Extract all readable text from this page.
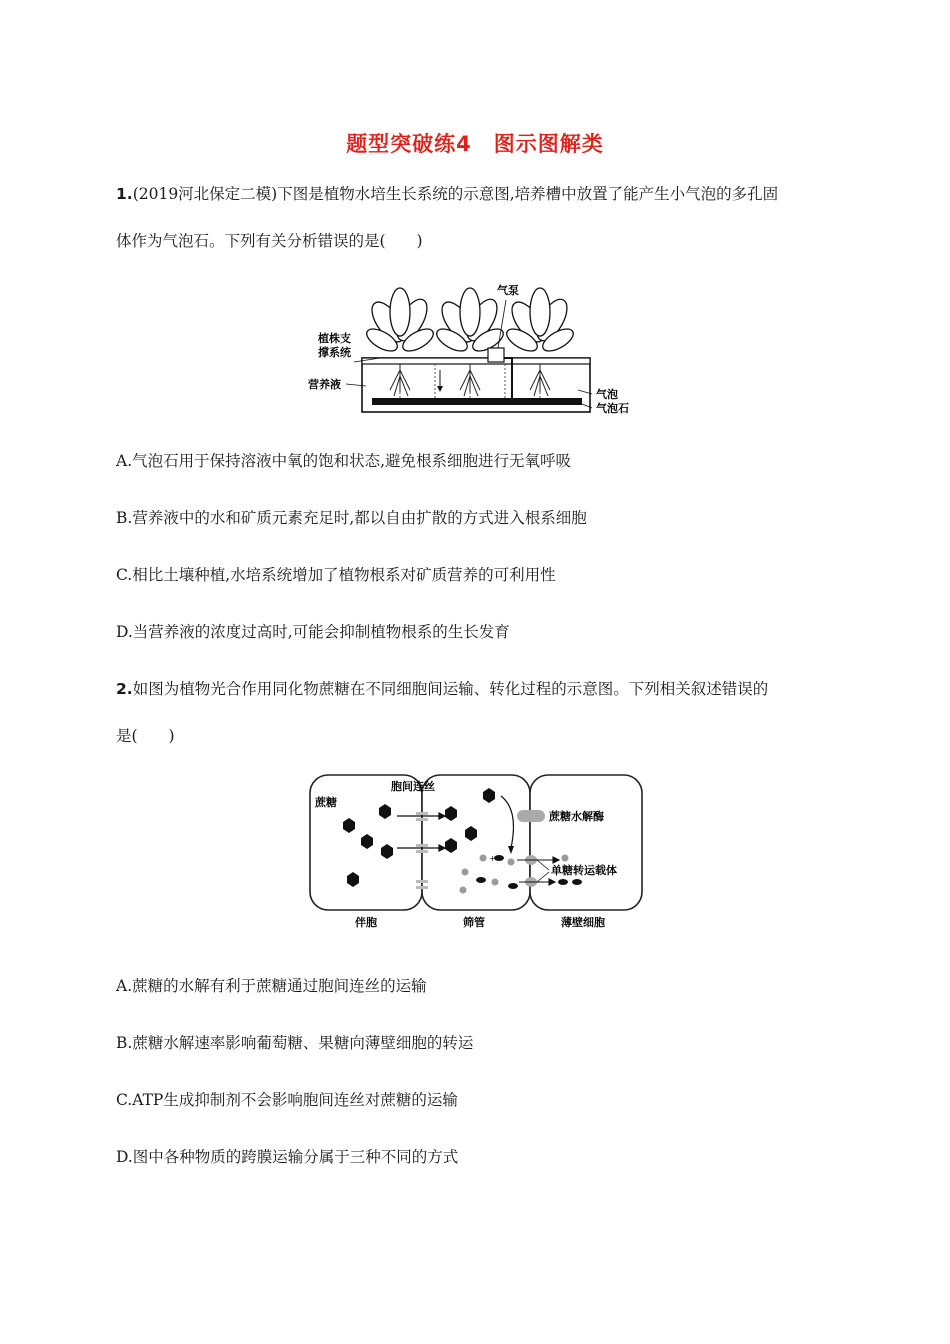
题型突破练4　图示图解类
1.(2019河北保定二模)下图是植物水培生长系统的示意图,培养槽中放置了能产生小气泡的多孔固
体作为气泡石。下列有关分析错误的是(　　)
气泵
植株支
撑系统
营养液
气泡
气泡石
A.气泡石用于保持溶液中氧的饱和状态,避免根系细胞进行无氧呼吸
B.营养液中的水和矿质元素充足时,都以自由扩散的方式进入根系细胞
C.相比土壤种植,水培系统增加了植物根系对矿质营养的可利用性
D.当营养液的浓度过高时,可能会抑制植物根系的生长发育
2.如图为植物光合作用同化物蔗糖在不同细胞间运输、转化过程的示意图。下列相关叙述错误的
是(　　)
+
蔗糖
胞间连丝
蔗糖水解酶
单糖转运载体
伴胞	筛管	薄壁细胞
A.蔗糖的水解有利于蔗糖通过胞间连丝的运输
B.蔗糖水解速率影响葡萄糖、果糖向薄壁细胞的转运
C.ATP生成抑制剂不会影响胞间连丝对蔗糖的运输
D.图中各种物质的跨膜运输分属于三种不同的方式
